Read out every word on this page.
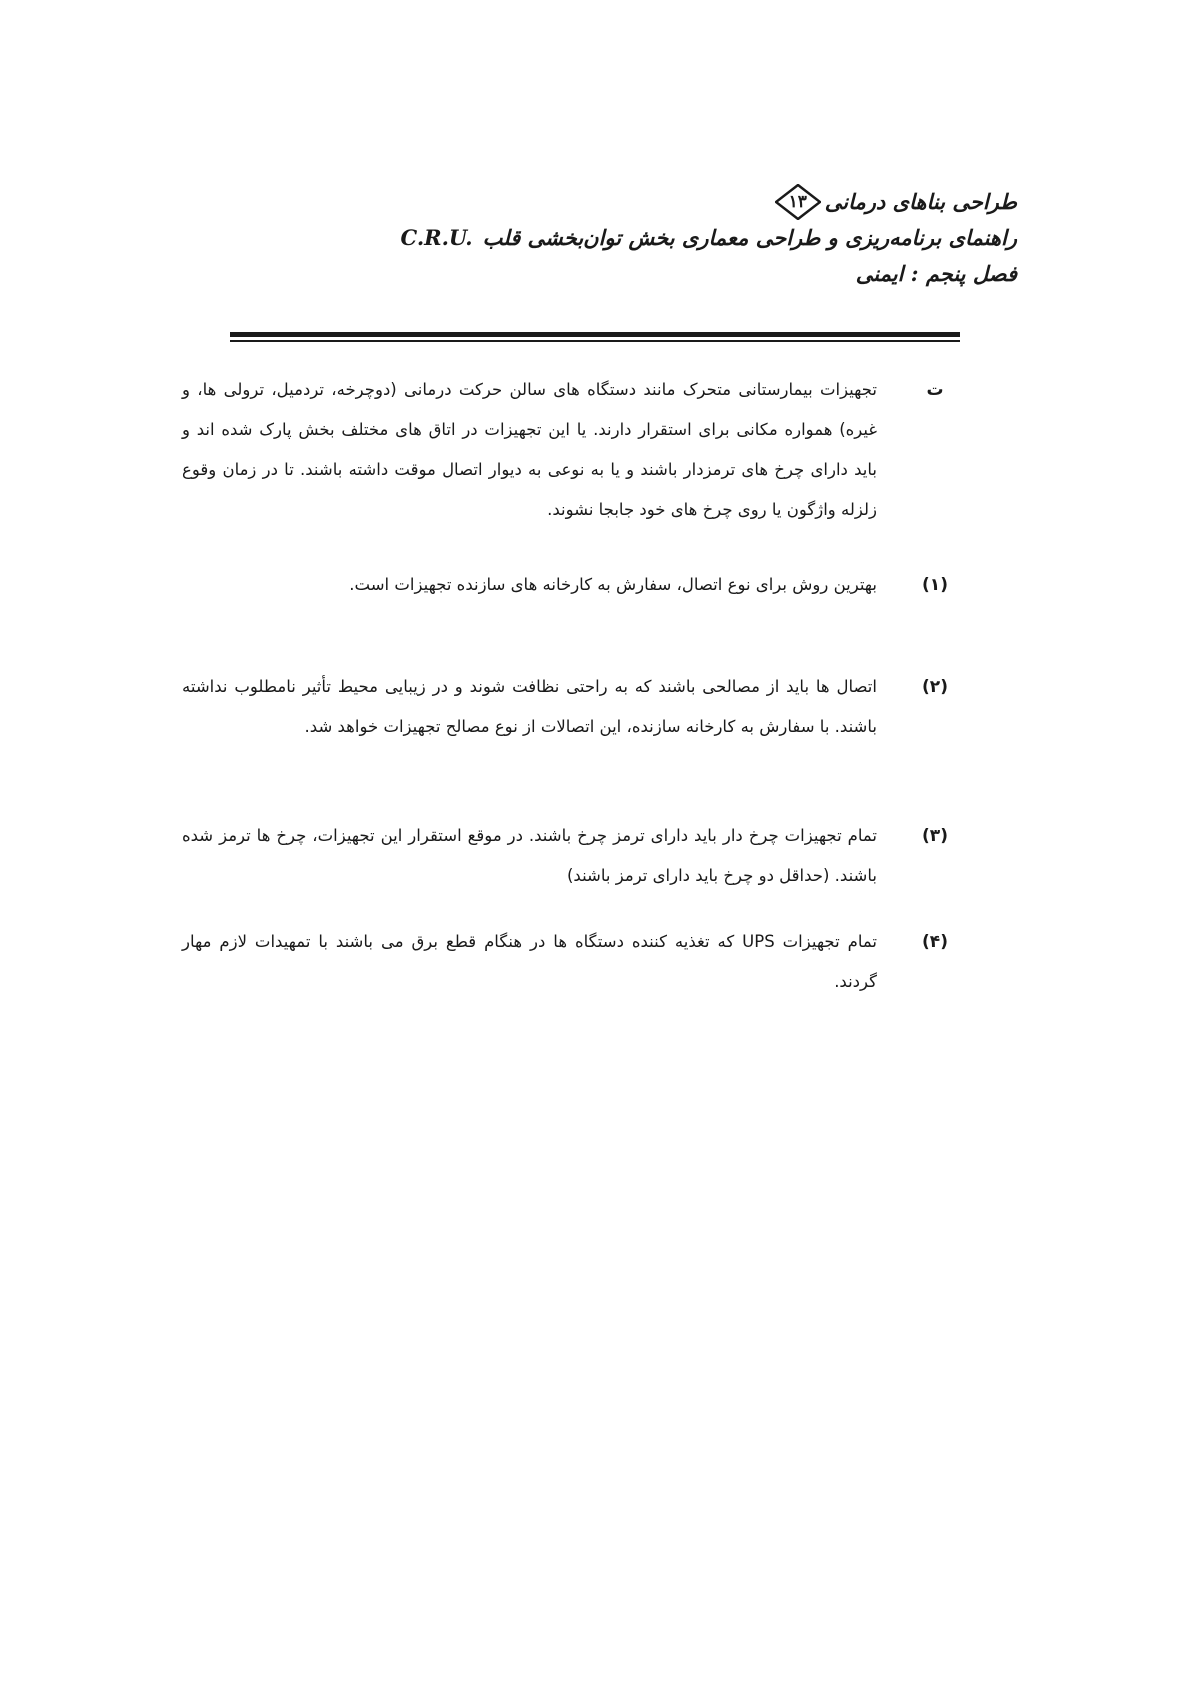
طراحی بناهای درمانی
۱۳
راهنمای برنامه‌ریزی و طراحی معماری بخش توان‌بخشی قلبC.R.U.
فصل پنجم : ایمنی
ت
تجهیزات بیمارستانی متحرک مانند دستگاه های سالن حرکت درمانی (دوچرخه، تردمیل، ترولی ها، و غیره) همواره مکانی برای استقرار دارند. یا این تجهیزات در اتاق های مختلف بخش پارک شده اند و باید دارای چرخ های ترمزدار باشند و یا به نوعی به دیوار اتصال موقت داشته باشند. تا در زمان وقوع زلزله واژگون یا روی چرخ های خود جابجا نشوند.
(۱)
بهترین روش برای نوع اتصال، سفارش به کارخانه های سازنده تجهیزات است.
(۲)
اتصال ها باید از مصالحی باشند که به راحتی نظافت شوند و در زیبایی محیط تأثیر نامطلوب نداشته باشند. با سفارش به کارخانه سازنده، این اتصالات از نوع مصالح تجهیزات خواهد شد.
(۳)
تمام تجهیزات چرخ دار باید دارای ترمز چرخ باشند. در موقع استقرار این تجهیزات، چرخ ها ترمز شده باشند. (حداقل دو چرخ باید دارای ترمز باشند)
(۴)
تمام تجهیزات UPS که تغذیه کننده دستگاه ها در هنگام قطع برق می باشند با تمهیدات لازم مهار گردند.
